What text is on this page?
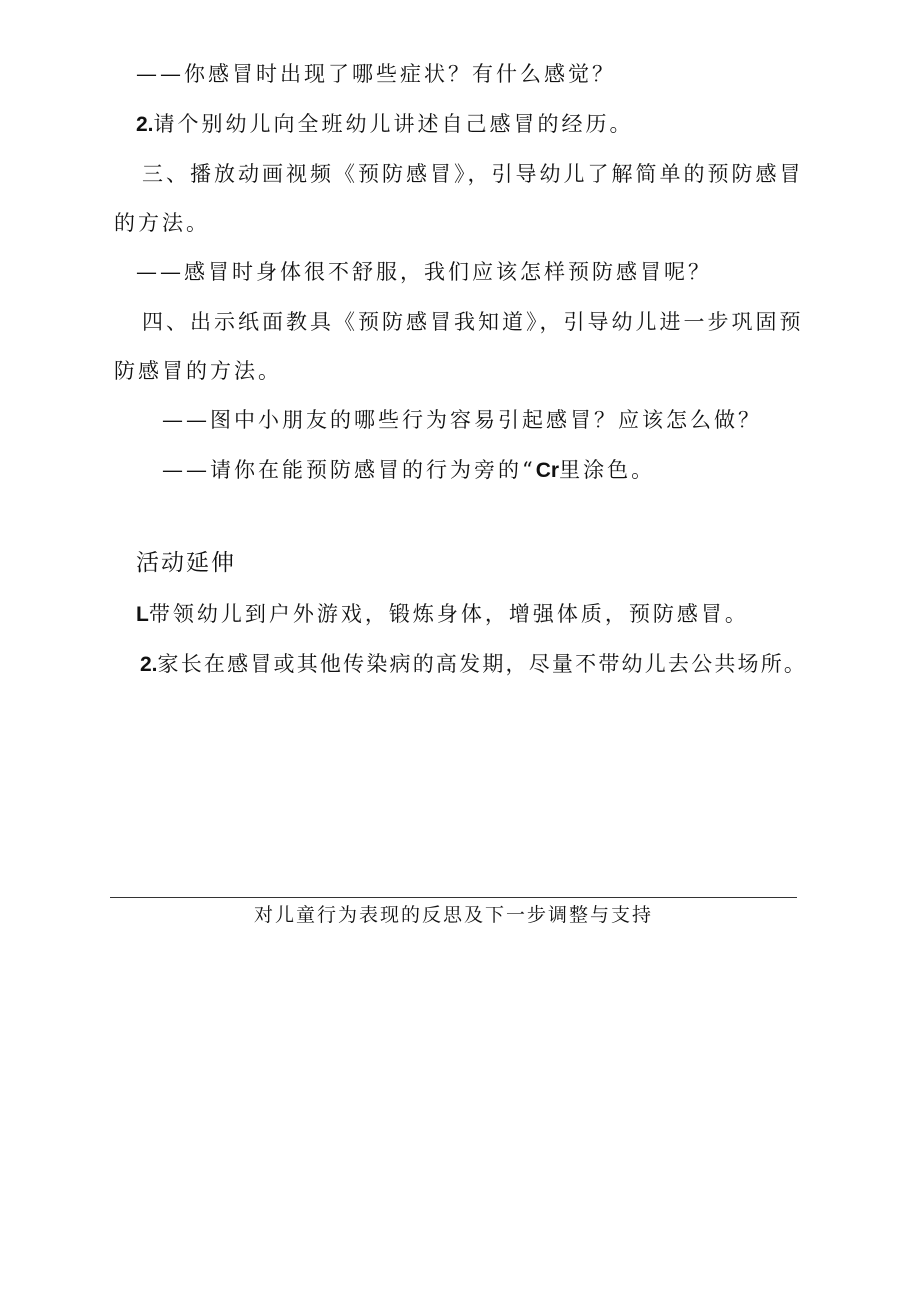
——你感冒时出现了哪些症状？有什么感觉？
2.请个别幼儿向全班幼儿讲述自己感冒的经历。
三、播放动画视频《预防感冒》，引导幼儿了解简单的预防感冒
的方法。
——感冒时身体很不舒服，我们应该怎样预防感冒呢？
四、出示纸面教具《预防感冒我知道》，引导幼儿进一步巩固预
防感冒的方法。
——图中小朋友的哪些行为容易引起感冒？应该怎么做？
——请你在能预防感冒的行为旁的“Cr里涂色。
活动延伸
L带领幼儿到户外游戏，锻炼身体，增强体质，预防感冒。
2.家长在感冒或其他传染病的高发期，尽量不带幼儿去公共场所。
对儿童行为表现的反思及下一步调整与支持
